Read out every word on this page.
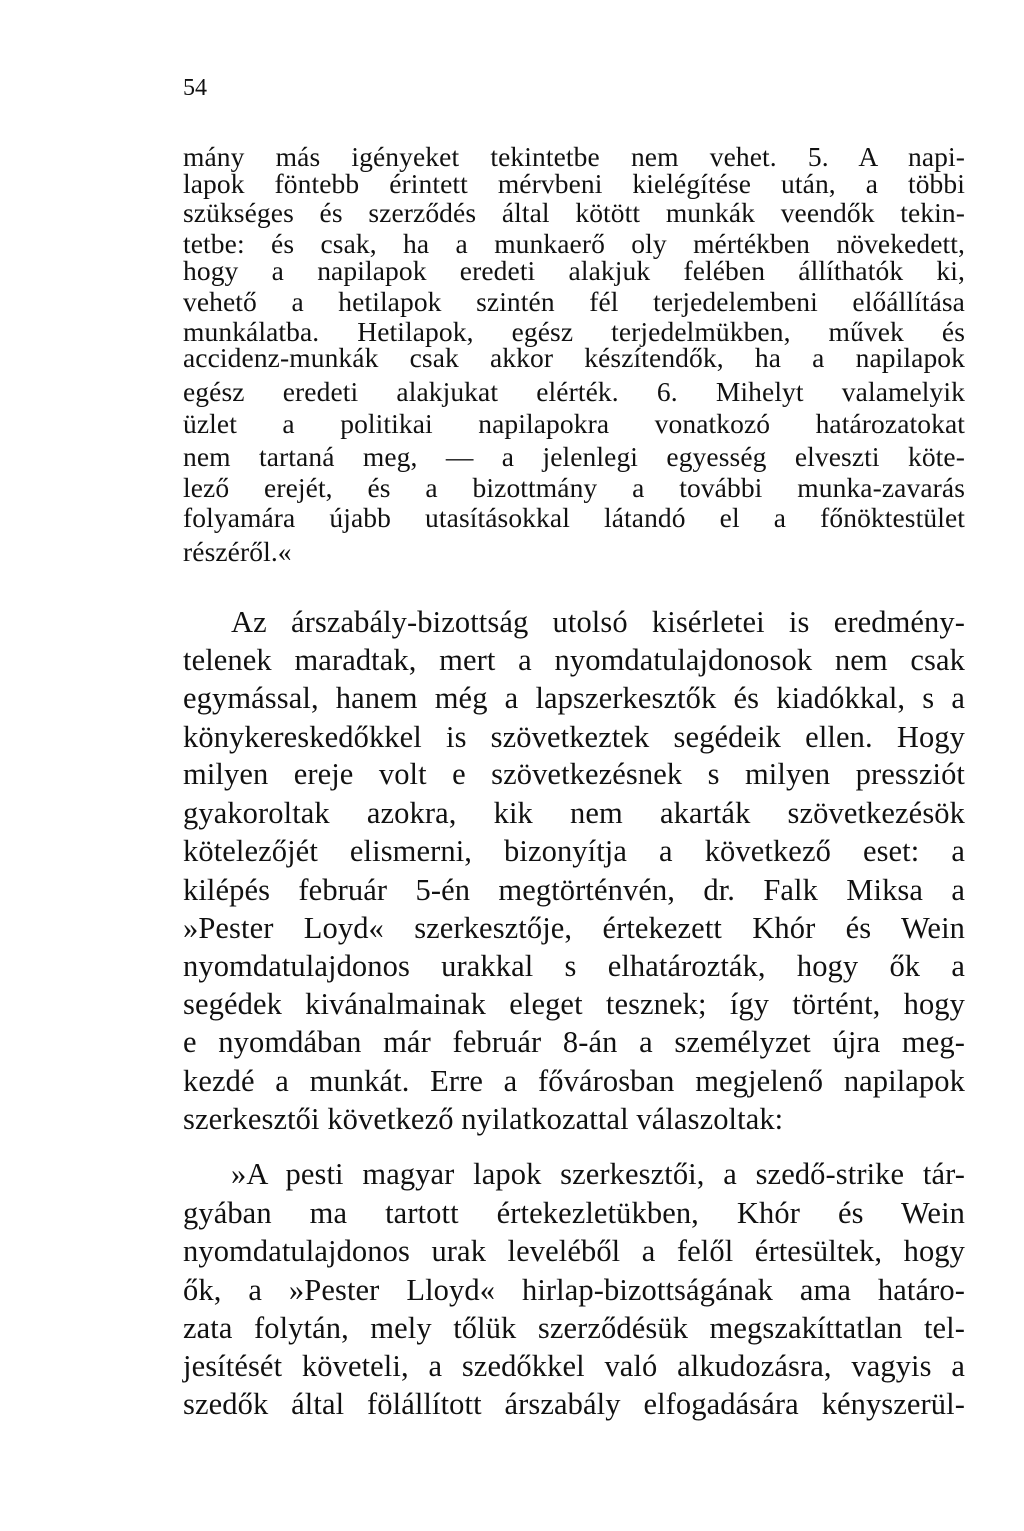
54
mány más igényeket tekintetbe nem vehet. 5. A napi-
lapok föntebb érintett mérvbeni kielégítése után, a többi
szükséges és szerződés által kötött munkák veendők tekin-
tetbe: és csak, ha a munkaerő oly mértékben növekedett,
hogy a napilapok eredeti alakjuk felében állíthatók ki,
vehető a hetilapok szintén fél terjedelembeni előállítása
munkálatba. Hetilapok, egész terjedelmükben, művek és
accidenz-munkák csak akkor készítendők, ha a napilapok
egész eredeti alakjukat elérték. 6. Mihelyt valamelyik
üzlet a politikai napilapokra vonatkozó határozatokat
nem tartaná meg, — a jelenlegi egyesség elveszti köte-
lező erejét, és a bizottmány a további munka-zavarás
folyamára újabb utasításokkal látandó el a főnöktestület
részéről.«
Az árszabály-bizottság utolsó kisérletei is eredmény-
telenek maradtak, mert a nyomdatulajdonosok nem csak
egymással, hanem még a lapszerkesztők és kiadókkal, s a
könykereskedőkkel is szövetkeztek segédeik ellen. Hogy
milyen ereje volt e szövetkezésnek s milyen pressziót
gyakoroltak azokra, kik nem akarták szövetkezésök
kötelezőjét elismerni, bizonyítja a következő eset: a
kilépés február 5-én megtörténvén, dr. Falk Miksa a
»Pester Loyd« szerkesztője, értekezett Khór és Wein
nyomdatulajdonos urakkal s elhatározták, hogy ők a
segédek kivánalmainak eleget tesznek; így történt, hogy
e nyomdában már február 8-án a személyzet újra meg-
kezdé a munkát. Erre a fővárosban megjelenő napilapok
szerkesztői következő nyilatkozattal válaszoltak:
»A pesti magyar lapok szerkesztői, a szedő-strike tár-
gyában ma tartott értekezletükben, Khór és Wein
nyomdatulajdonos urak leveléből a felől értesültek, hogy
ők, a »Pester Lloyd« hirlap-bizottságának ama határo-
zata folytán, mely tőlük szerződésük megszakíttatlan tel-
jesítését követeli, a szedőkkel való alkudozásra, vagyis a
szedők által fölállított árszabály elfogadására kényszerül-
